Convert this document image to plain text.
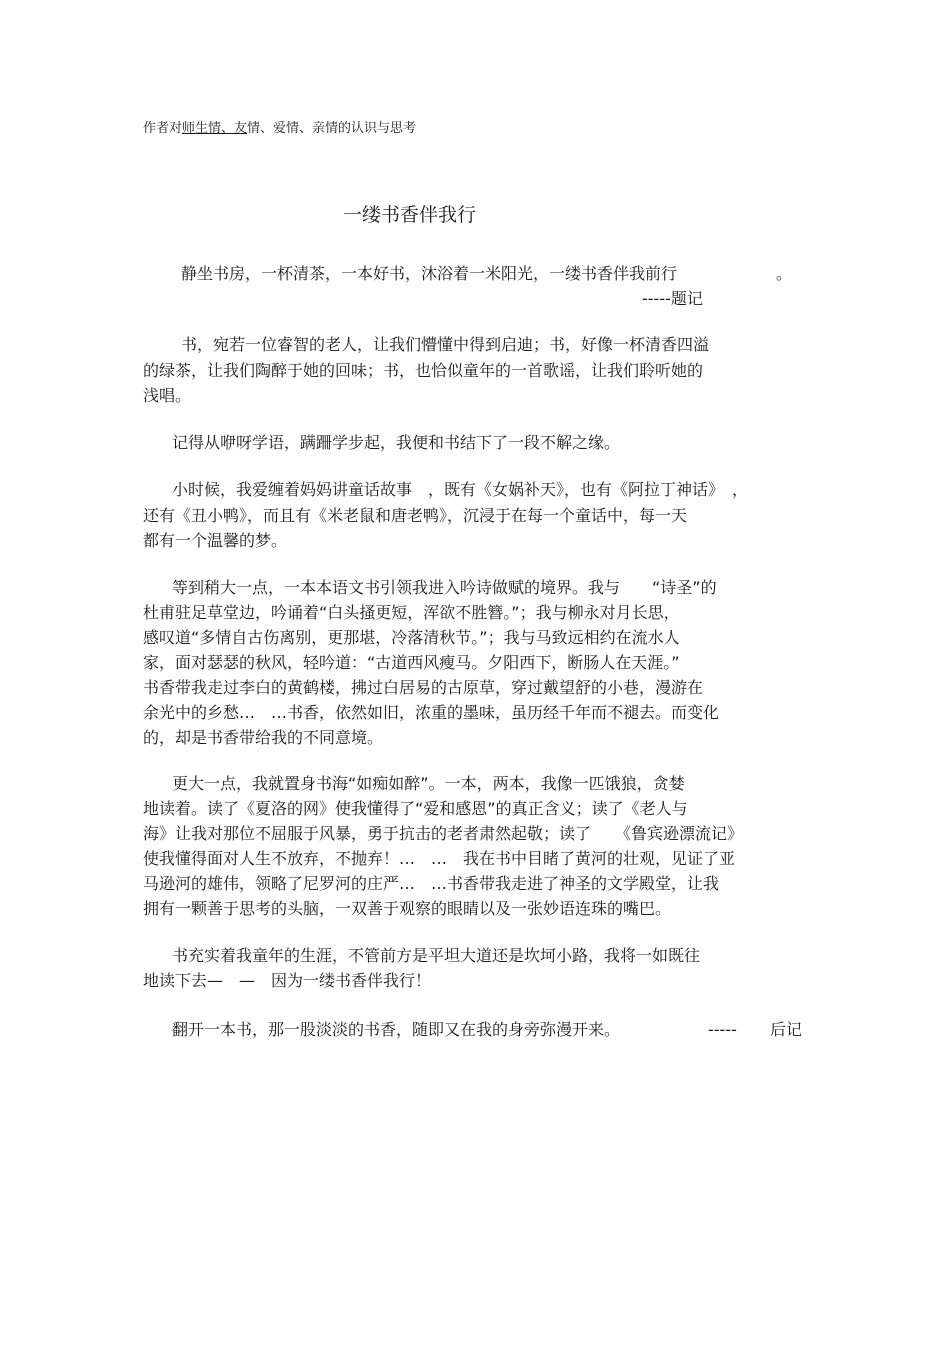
作者对师生情、友情、爱情、亲情的认识与思考
一缕书香伴我行
静坐书房，一杯清茶，一本好书，沐浴着一米阳光，一缕书香伴我前行	。
-----题记
书，宛若一位睿智的老人，让我们懵懂中得到启迪；书，好像一杯清香四溢
的绿茶，让我们陶醉于她的回味；书，也恰似童年的一首歌谣，让我们聆听她的
浅唱。
记得从咿呀学语，蹒跚学步起，我便和书结下了一段不解之缘。
小时候，我爱缠着妈妈讲童话故事　，既有《女娲补天》，也有《阿拉丁神话》　，
还有《丑小鸭》，而且有《米老鼠和唐老鸭》，沉浸于在每一个童话中，每一天
都有一个温馨的梦。
等到稍大一点，一本本语文书引领我进入吟诗做赋的境界。我与　　“诗圣”的
杜甫驻足草堂边，吟诵着“白头搔更短，浑欲不胜簪。”；我与柳永对月长思，
感叹道“多情自古伤离别，更那堪，冷落清秋节。”；我与马致远相约在流水人
家，面对瑟瑟的秋风，轻吟道：“古道西风瘦马。夕阳西下，断肠人在天涯。”
书香带我走过李白的黄鹤楼，拂过白居易的古原草，穿过戴望舒的小巷，漫游在
余光中的乡愁…　…书香，依然如旧，浓重的墨味，虽历经千年而不褪去。而变化
的，却是书香带给我的不同意境。
更大一点，我就置身书海“如痴如醉”。一本，两本，我像一匹饿狼，贪婪
地读着。读了《夏洛的网》使我懂得了“爱和感恩”的真正含义；读了《老人与
海》让我对那位不屈服于风暴，勇于抗击的老者肃然起敬；读了　　《鲁宾逊漂流记》
使我懂得面对人生不放弃，不抛弃！…　…　我在书中目睹了黄河的壮观，见证了亚
马逊河的雄伟，领略了尼罗河的庄严…　…书香带我走进了神圣的文学殿堂，让我
拥有一颗善于思考的头脑，一双善于观察的眼睛以及一张妙语连珠的嘴巴。
书充实着我童年的生涯，不管前方是平坦大道还是坎坷小路，我将一如既往
地读下去—　—　因为一缕书香伴我行！
翻开一本书，那一股淡淡的书香，随即又在我的身旁弥漫开来。	----- 后记
